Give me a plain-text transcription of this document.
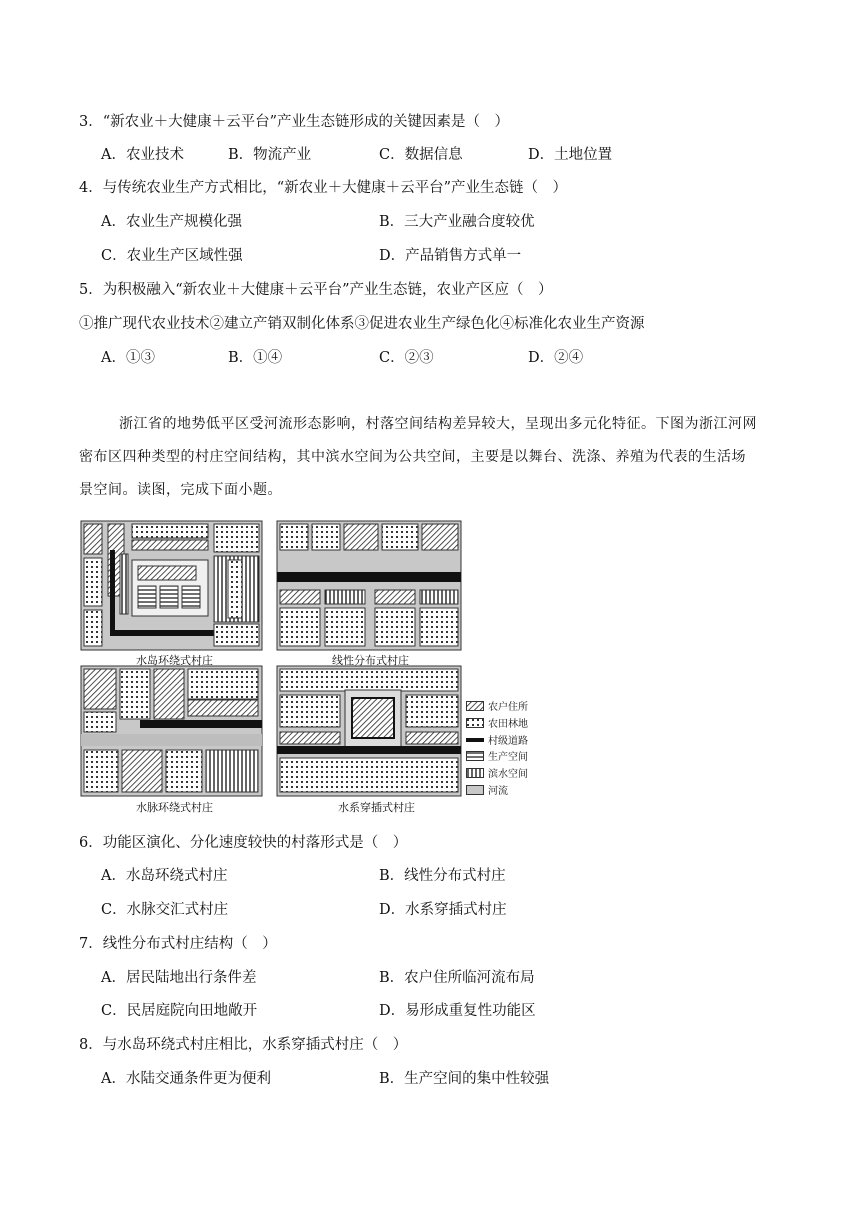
3．“新农业＋大健康＋云平台”产业生态链形成的关键因素是（　）
A．农业技术	B．物流产业	C．数据信息	D．土地位置
4．与传统农业生产方式相比，“新农业＋大健康＋云平台”产业生态链（　）
A．农业生产规模化强	B．三大产业融合度较优
C．农业生产区域性强	D．产品销售方式单一
5．为积极融入“新农业＋大健康＋云平台”产业生态链，农业产区应（　）
①推广现代农业技术②建立产销双制化体系③促进农业生产绿色化④标准化农业生产资源
A．①③	B．①④	C．②③	D．②④
浙江省的地势低平区受河流形态影响，村落空间结构差异较大，呈现出多元化特征。下图为浙江河网
密布区四种类型的村庄空间结构，其中滨水空间为公共空间，主要是以舞台、洗涤、养殖为代表的生活场
景空间。读图，完成下面小题。
水岛环绕式村庄	线性分布式村庄
水脉环绕式村庄	水系穿插式村庄
农户住所
农田林地
村级道路
生产空间
滨水空间
河流
6．功能区演化、分化速度较快的村落形式是（　）
A．水岛环绕式村庄	B．线性分布式村庄
C．水脉交汇式村庄	D．水系穿插式村庄
7．线性分布式村庄结构（　）
A．居民陆地出行条件差	B．农户住所临河流布局
C．民居庭院向田地敞开	D．易形成重复性功能区
8．与水岛环绕式村庄相比，水系穿插式村庄（　）
A．水陆交通条件更为便利	B．生产空间的集中性较强
